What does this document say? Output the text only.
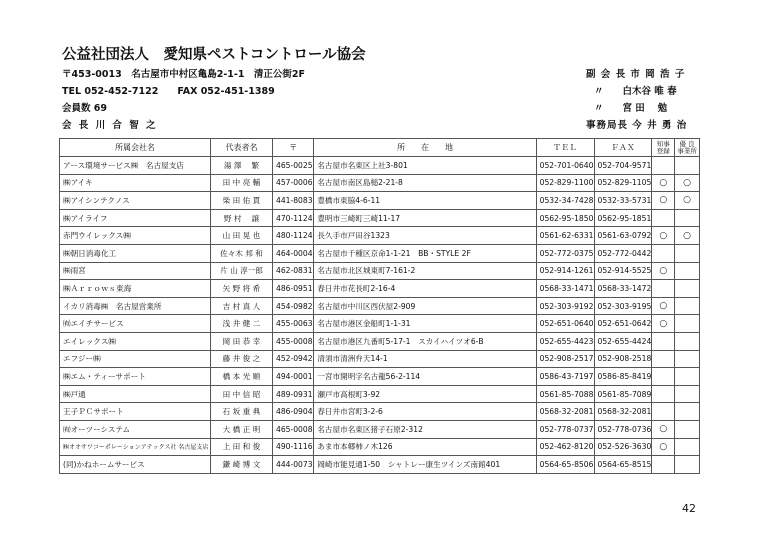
公益社団法人　愛知県ペストコントロール協会
〒453-0013　名古屋市中村区亀島2-1-1　清正公街2F
TEL 052-452-7122　　FAX 052-451-1389
会員数 69
会 長 川 合 智 之
副 会 長 市 岡 浩 子
〃　　白木谷 唯 春
〃　　宮 田 　勉
事務局長 今 井 勇 治
所属会社名	代表者名	〒	所　　在　　地	ＴＥＬ	ＦＡＸ	知事
登録	優 良
事業所
アース環境サービス㈱　名古屋支店	湯 澤 　繁	465-0025	名古屋市名東区上社3-801	052-701-0640	052-704-9571		
㈱アイキ	田 中 亮 輔	457-0006	名古屋市南区島槌2-21-8	052-829-1100	052-829-1105	○	○
㈱アイシンテクノス	柴 田 佑 貫	441-8083	豊橋市東脇4-6-11	0532-34-7428	0532-33-5731	○	○
㈱アイライフ	野 村 　譲	470-1124	豊明市三崎町三崎11-17	0562-95-1850	0562-95-1851		
赤門ウイレックス㈱	山 田 晃 也	480-1124	長久手市戸田谷1323	0561-62-6331	0561-63-0792	○	○
㈱朝日消毒化工	佐々木 邦 和	464-0004	名古屋市千種区京命1-1-21　BB・STYLE 2F	052-772-0375	052-772-0442		
㈱雨宮	片 山 淳一郎	462-0831	名古屋市北区城東町7-161-2	052-914-1261	052-914-5525	○	
㈱Ａｒｒｏｗｓ東海	矢 野 将 希	486-0951	春日井市花長町2-16-4	0568-33-1471	0568-33-1472		
イカリ消毒㈱　名古屋営業所	吉 村 真 人	454-0982	名古屋市中川区西伏屋2-909	052-303-9192	052-303-9195	○	
㈲エイチサービス	浅 井 健 二	455-0063	名古屋市港区金船町1-1-31	052-651-0640	052-651-0642	○	
エイレックス㈱	岡 田 恭 幸	455-0008	名古屋市港区九番町5-17-1　スカイハイツオ6-B	052-655-4423	052-655-4424		
エフジー㈱	藤 井 俊 之	452-0942	清須市清洲弁天14-1	052-908-2517	052-908-2518		
㈱エム・ティーサポート	橋 本 光 順	494-0001	一宮市開明字名古龍56-2-114	0586-43-7197	0586-85-8419		
㈱戸通	田 中 信 昭	489-0931	瀬戸市高根町3-92	0561-85-7088	0561-85-7089		
王子ＰＣサポート	石 坂 重 典	486-0904	春日井市宮町3-2-6	0568-32-2081	0568-32-2081		
㈲オーツーシステム	大 橋 正 明	465-0008	名古屋市名東区猪子石原2-312	052-778-0737	052-778-0736	○	
㈱オオサワコーポレーションアテックス社 名古屋支店	上 田 和 俊	490-1116	あま市本郷柿ノ木126	052-462-8120	052-526-3630	○	
(同)かねホームサービス	鎌 崎 博 文	444-0073	岡崎市能見通1-50　シャトレー康生ツインズ南館401	0564-65-8506	0564-65-8515		
42
